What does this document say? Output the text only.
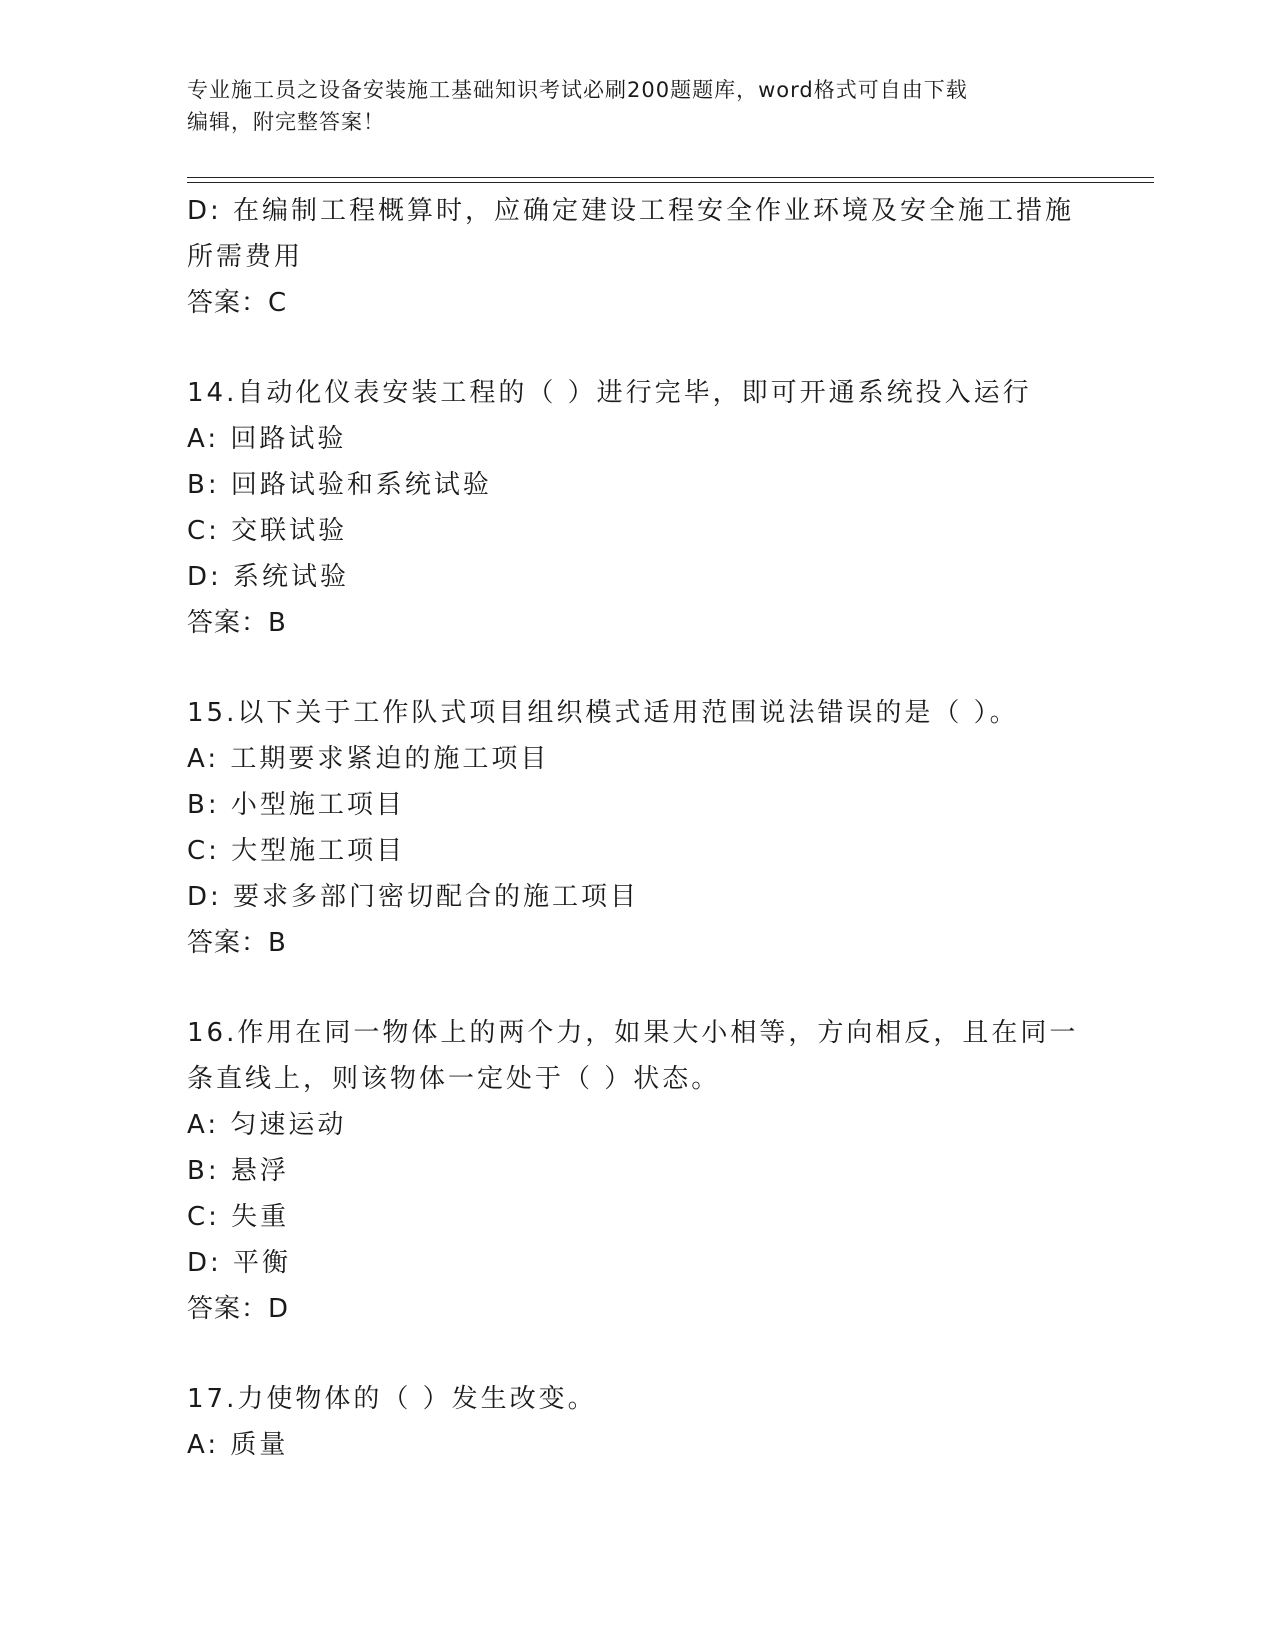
专业施工员之设备安装施工基础知识考试必刷200题题库，word格式可自由下载
编辑，附完整答案！
D: 在编制工程概算时，应确定建设工程安全作业环境及安全施工措施
所需费用
答案：C
14.自动化仪表安装工程的（ ）进行完毕，即可开通系统投入运行
A: 回路试验
B: 回路试验和系统试验
C: 交联试验
D: 系统试验
答案：B
15.以下关于工作队式项目组织模式适用范围说法错误的是（ ）。
A: 工期要求紧迫的施工项目
B: 小型施工项目
C: 大型施工项目
D: 要求多部门密切配合的施工项目
答案：B
16.作用在同一物体上的两个力，如果大小相等，方向相反，且在同一
条直线上，则该物体一定处于（ ）状态。
A: 匀速运动
B: 悬浮
C: 失重
D: 平衡
答案：D
17.力使物体的（ ）发生改变。
A: 质量
